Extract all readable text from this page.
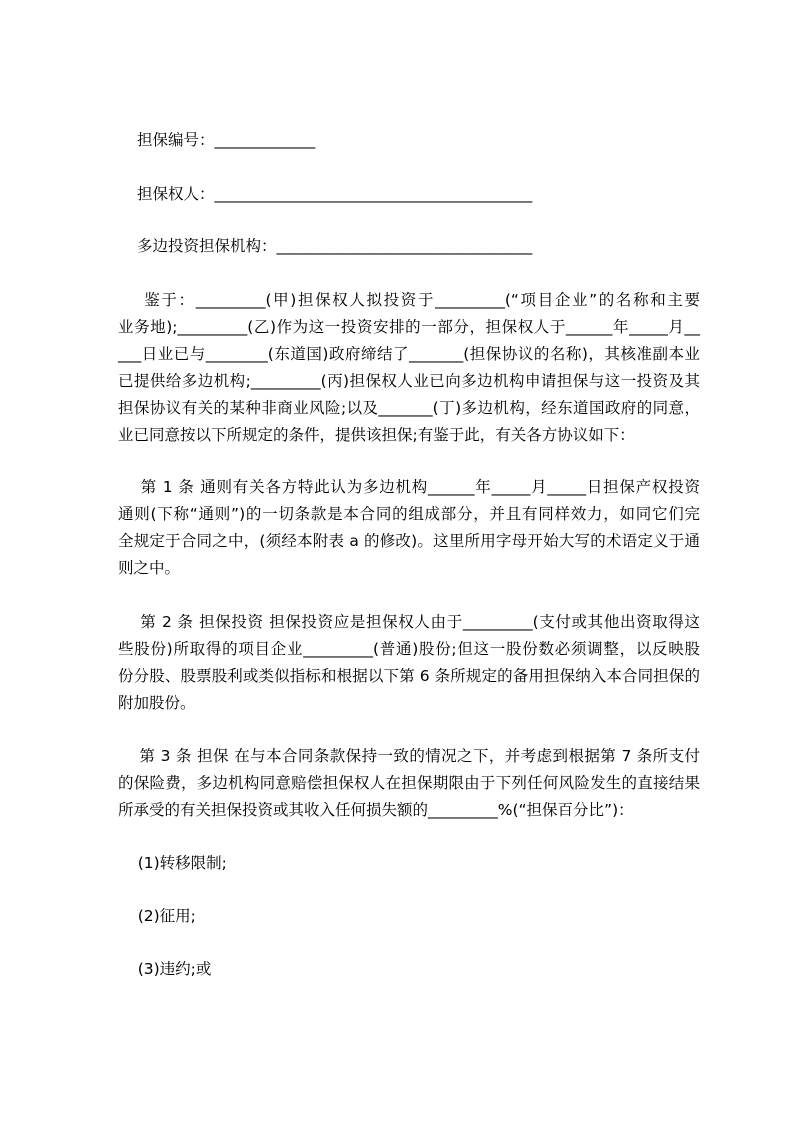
担保编号：_____________
担保权人：_________________________________________
多边投资担保机构：_________________________________
鉴于：_________(甲)担保权人拟投资于_________(“项目企业”的名称和主要
业务地);_________(乙)作为这一投资安排的一部分，担保权人于______年_____月__
___日业已与________(东道国)政府缔结了_______(担保协议的名称)，其核准副本业
已提供给多边机构;_________(丙)担保权人业已向多边机构申请担保与这一投资及其
担保协议有关的某种非商业风险;以及_______(丁)多边机构，经东道国政府的同意，
业已同意按以下所规定的条件，提供该担保;有鉴于此，有关各方协议如下：
第 1 条 通则有关各方特此认为多边机构______年_____月_____日担保产权投资
通则(下称“通则”)的一切条款是本合同的组成部分，并且有同样效力，如同它们完
全规定于合同之中，(须经本附表 a 的修改)。这里所用字母开始大写的术语定义于通
则之中。
第 2 条 担保投资 担保投资应是担保权人由于_________(支付或其他出资取得这
些股份)所取得的项目企业_________(普通)股份;但这一股份数必须调整，以反映股
份分股、股票股利或类似指标和根据以下第 6 条所规定的备用担保纳入本合同担保的
附加股份。
第 3 条 担保 在与本合同条款保持一致的情况之下，并考虑到根据第 7 条所支付
的保险费，多边机构同意赔偿担保权人在担保期限由于下列任何风险发生的直接结果
所承受的有关担保投资或其收入任何损失额的_________%(“担保百分比”)：
(1)转移限制;
(2)征用;
(3)违约;或
